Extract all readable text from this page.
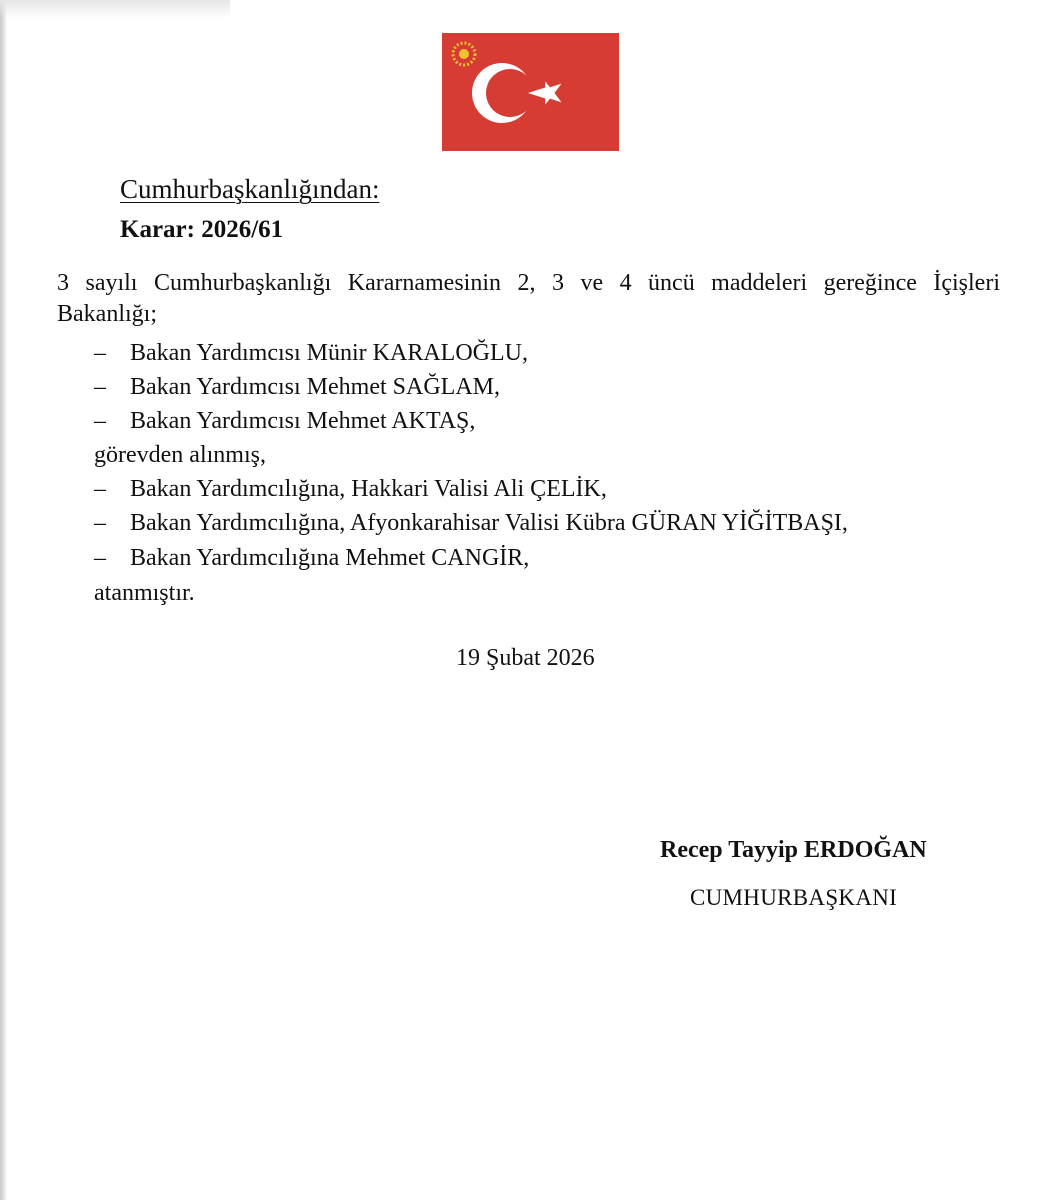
Cumhurbaşkanlığından:
Karar: 2026/61
3 sayılı Cumhurbaşkanlığı Kararnamesinin 2, 3 ve 4 üncü maddeleri gereğince İçişleri
Bakanlığı;
– Bakan Yardımcısı Münir KARALOĞLU,
– Bakan Yardımcısı Mehmet SAĞLAM,
– Bakan Yardımcısı Mehmet AKTAŞ,
görevden alınmış,
– Bakan Yardımcılığına, Hakkari Valisi Ali ÇELİK,
– Bakan Yardımcılığına, Afyonkarahisar Valisi Kübra GÜRAN YİĞİTBAŞI,
– Bakan Yardımcılığına Mehmet CANGİR,
atanmıştır.
19 Şubat 2026
Recep Tayyip ERDOĞAN
CUMHURBAŞKANI
